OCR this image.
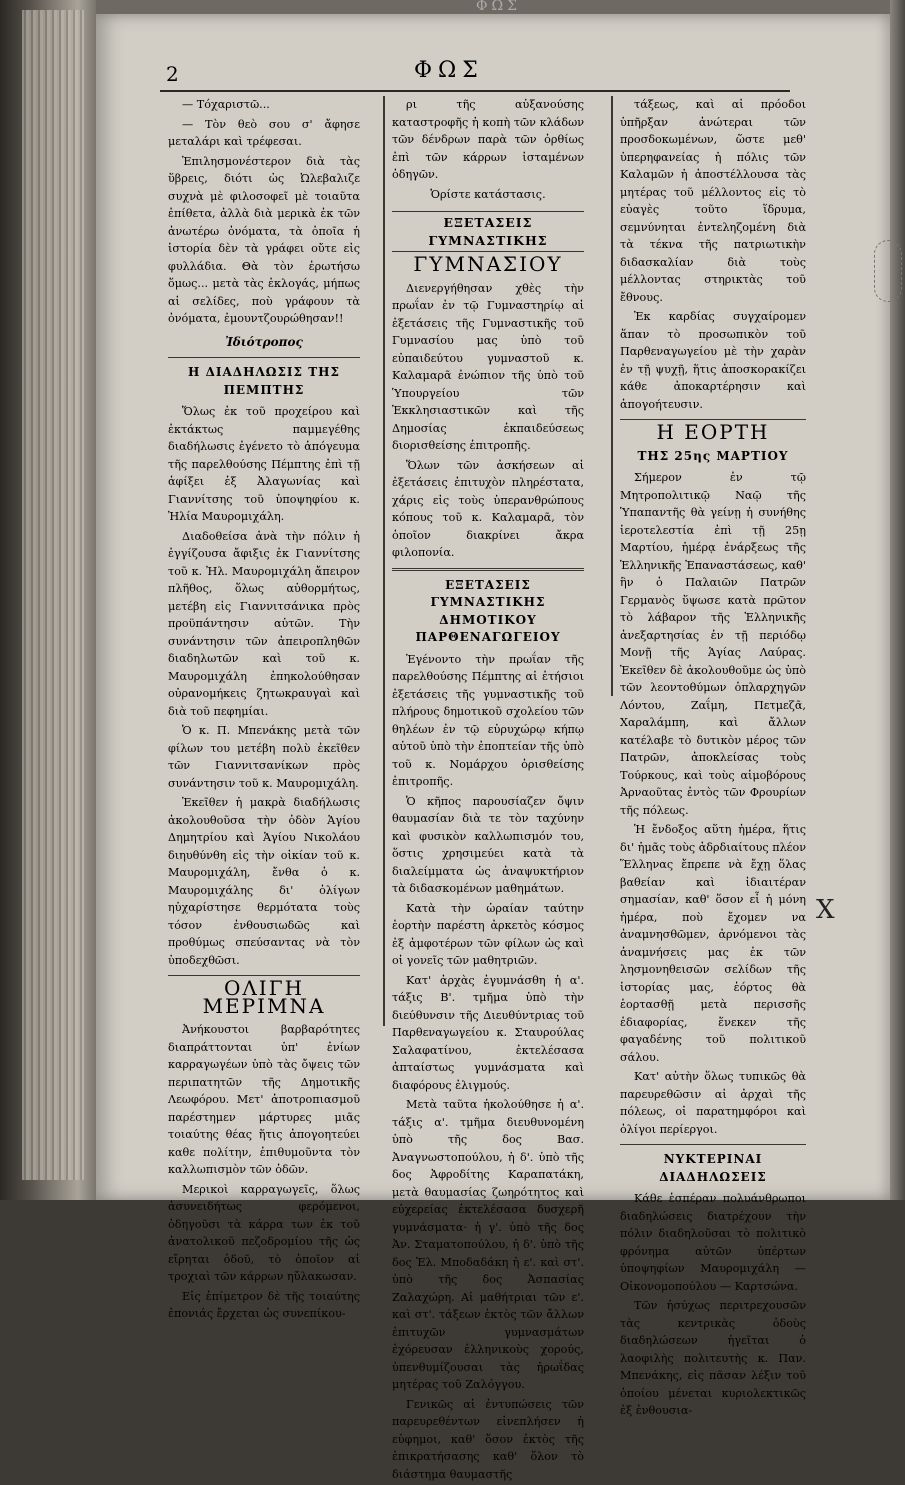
ΦΩΣ
2	ΦΩΣ

— Τόχαριστῶ...

— Τὸν θεὸ σου σ' ἄφησε μεταλάρι καὶ τρέφεσαι.

Ἐπιλησμονέστερον διὰ τὰς ὕβρεις, διότι ὡς Ὠλεβαλιζε συχνὰ μὲ φιλοσοφεῖ μὲ τοιαῦτα ἐπίθετα, ἀλλὰ διὰ μερικὰ ἐκ τῶν ἀνωτέρω ὀνόματα, τὰ ὁποῖα ἡ ἱστορία δὲν τὰ γράφει οὔτε εἰς φυλλάδια. Θὰ τὸν ἐρωτήσω ὅμως... μετὰ τὰς ἐκλογάς, μήπως αἱ σελίδες, ποὺ γράφουν τὰ ὀνόματα, ἐμουντζουρώθησαν!!

Ἰδιότροπος
Η ΔΙΑΔΗΛΩΣΙΣ ΤΗΣ ΠΕΜΠΤΗΣ

Ὅλως ἐκ τοῦ προχείρου καὶ ἐκτάκτως παμμεγέθης διαδήλωσις ἐγένετο τὸ ἀπόγευμα τῆς παρελθούσης Πέμπτης ἐπὶ τῇ ἀφίξει ἐξ Ἀλαγωνίας καὶ Γιαννίτσης τοῦ ὑποψηφίου κ. Ἠλία Μαυρομιχάλη.

Διαδοθείσα ἀνὰ τὴν πόλιν ἡ ἐγγίζουσα ἄφιξις ἐκ Γιαννίτσης τοῦ κ. Ἠλ. Μαυρομιχάλη ἄπειρον πλῆθος, ὅλως αὐθορμήτως, μετέβη εἰς Γιαννιτσάνικα πρὸς προϋπάντησιν αὐτῶν. Τὴν συνάντησιν τῶν ἀπειροπληθῶν διαδηλωτῶν καὶ τοῦ κ. Μαυρομιχάλη ἐπηκολούθησαν οὐρανομήκεις ζητωκραυγαὶ καὶ διὰ τοῦ πεφημίαι.

Ὁ κ. Π. Μπενάκης μετὰ τῶν φίλων του μετέβη πολὺ ἐκεῖθεν τῶν Γιαννιτσανίκων πρὸς συνάντησιν τοῦ κ. Μαυρομιχάλη.

Ἐκεῖθεν ἡ μακρὰ διαδήλωσις ἀκολουθοῦσα τὴν ὁδὸν Ἁγίου Δημητρίου καὶ Ἁγίου Νικολάου διηυθύνθη εἰς τὴν οἰκίαν τοῦ κ. Μαυρομιχάλη, ἔνθα ὁ κ. Μαυρομιχάλης δι' ὀλίγων ηὐχαρίστησε θερμότατα τοὺς τόσον ἐνθουσιωδῶς καὶ προθύμως σπεύσαντας νὰ τὸν ὑποδεχθῶσι.

ΟΛΙΓΗ ΜΕΡΙΜΝΑ

Ἀνήκουστοι βαρβαρότητες διαπράττονται ὑπ' ἐνίων καρραγωγέων ὑπὸ τὰς ὄψεις τῶν περιπατητῶν τῆς Δημοτικῆς Λεωφόρου. Μετ' ἀποτροπιασμοῦ παρέστημεν μάρτυρες μιᾶς τοιαύτης θέας ἥτις ἀπογοητεύει καθε πολίτην, ἐπιθυμοῦντα τὸν καλλωπισμὸν τῶν ὁδῶν.

Μερικοὶ καρραγωγεῖς, ὅλως ἀσυνειδήτως φερόμενοι, ὁδηγοῦσι τὰ κάρρα των ἐκ τοῦ ἀνατολικοῦ πεζοδρομίου τῆς ὡς εἴρηται ὁδοῦ, τὸ ὁποῖον αἱ τροχιαὶ τῶν κάρρων ηὔλακωσαν.

Εἰς ἐπίμετρον δὲ τῆς τοιαύτης ἐπονιάς ἔρχεται ὡς συνεπίκου-

ρι τῆς αὐξανούσης καταστροφῆς ἡ κοπὴ τῶν κλάδων τῶν δένδρων παρὰ τῶν ὀρθίως ἐπὶ τῶν κάρρων ἱσταμένων ὁδηγῶν.

Ὁρίστε κατάστασις.

ΕΞΕΤΑΣΕΙΣ ΓΥΜΝΑΣΤΙΚΗΣ
ΓΥΜΝΑΣΙΟΥ

Διενεργήθησαν χθὲς τὴν πρωΐαν ἐν τῷ Γυμναστηρίῳ αἱ ἐξετάσεις τῆς Γυμναστικῆς τοῦ Γυμνασίου μας ὑπὸ τοῦ εὐπαιδεύτου γυμναστοῦ κ. Καλαμαρᾶ ἐνώπιον τῆς ὑπὸ τοῦ Ὑπουργείου τῶν Ἐκκλησιαστικῶν καὶ τῆς Δημοσίας ἐκπαιδεύσεως διορισθείσης ἐπιτροπῆς.

Ὅλων τῶν ἀσκήσεων αἱ ἐξετάσεις ἐπιτυχὸν πληρέστατα, χάρις εἰς τοὺς ὑπερανθρώπους κόπους τοῦ κ. Καλαμαρᾶ, τὸν ὁποῖον διακρίνει ἄκρα φιλοπονία.

ΕΞΕΤΑΣΕΙΣ ΓΥΜΝΑΣΤΙΚΗΣ ΔΗΜΟΤΙΚΟΥ ΠΑΡΘΕΝΑΓΩΓΕΙΟΥ

Ἐγένοντο τὴν πρωΐαν τῆς παρελθούσης Πέμπτης αἱ ἐτήσιοι ἐξετάσεις τῆς γυμναστικῆς τοῦ πλήρους δημοτικοῦ σχολείου τῶν θηλέων ἐν τῷ εὐρυχώρῳ κήπῳ αὐτοῦ ὑπὸ τὴν ἐποπτείαν τῆς ὑπὸ τοῦ κ. Νομάρχου ὁρισθείσης ἐπιτροπῆς.

Ὁ κῆπος παρουσίαζεν ὄψιν θαυμασίαν διὰ τε τὸν ταχύνην καὶ φυσικὸν καλλωπισμόν του, ὅστις χρησιμεύει κατὰ τὰ διαλείμματα ὡς ἀναψυκτήριον τὰ διδασκομένων μαθημάτων.

Κατὰ τὴν ὡραίαν ταύτην ἑορτὴν παρέστη ἀρκετὸς κόσμος ἐξ ἀμφοτέρων τῶν φίλων ὡς καὶ οἱ γονεῖς τῶν μαθητριῶν.

Κατ' ἀρχὰς ἐγυμνάσθη ἡ α'. τάξις Β'. τμῆμα ὑπὸ τὴν διεύθυνσιν τῆς Διευθύντριας τοῦ Παρθεναγωγείου κ. Σταυρούλας Σαλαφατίνου, ἐκτελέσασα ἀπταίστως γυμνάσματα καὶ διαφόρους ἐλιγμούς.

Μετὰ ταῦτα ἠκολούθησε ἡ α'. τάξις α'. τμῆμα διευθυνομένη ὑπὸ τῆς δος Βασ. Ἀναγνωστοπούλου, ἡ δ'. ὑπὸ τῆς δος Ἀφροδίτης Καραπατάκη, μετὰ θαυμασίας ζωηρότητος καὶ εὐχερείας ἐκτελέσασα δυσχερῆ γυμνάσματα· ἡ γ'. ὑπὸ τῆς δος Ἀν. Σταματοπούλου, ἡ δ'. ὑπὸ τῆς δος Ἐλ. Μποδαδάκη ἡ ε'. καὶ στ'. ὑπὸ τῆς δος Ἀσπασίας Ζαλαχώρη. Αἱ μαθήτριαι τῶν ε'. καὶ στ'. τάξεων ἐκτὸς τῶν ἄλλων ἐπιτυχῶν γυμνασμάτων ἐχόρευσαν ἑλληνικοὺς χορούς, ὑπενθυμίζουσαι τὰς ἡρωΐδας μητέρας τοῦ Ζαλόγγου.

Γενικῶς αἱ ἐντυπώσεις τῶν παρευρεθέντων εἰνεπλήσεν ἡ εὐφημοι, καθ' ὅσον ἐκτὸς τῆς ἐπικρατήσασης καθ' ὅλον τὸ διάστημα θαυμαστῆς

τάξεως, καὶ αἱ πρόοδοι ὑπῆρξαν ἀνώτεραι τῶν προσδοκωμένων, ὥστε μεθ' ὑπερηφανείας ἡ πόλις τῶν Καλαμῶν ἡ ἀποστέλλουσα τὰς μητέρας τοῦ μέλλοντος εἰς τὸ εὐαγὲς τοῦτο ἵδρυμα, σεμνύνηται ἐντεληζομένη διὰ τὰ τέκνα τῆς πατριωτικὴν διδασκαλίαν διὰ τοὺς μέλλοντας στηρικτὰς τοῦ ἔθνους.

Ἐκ καρδίας συγχαίρομεν ἅπαν τὸ προσωπικὸν τοῦ Παρθεναγωγείου μὲ τὴν χαρὰν ἐν τῇ ψυχῇ, ἥτις ἀποσκορακίζει κάθε ἀποκαρτέρησιν καὶ ἀπογοήτευσιν.

Η ΕΟΡΤΗ
ΤΗΣ 25ης ΜΑΡΤΙΟΥ

Σήμερον ἐν τῷ Μητροπολιτικῷ Ναῷ τῆς Ὑπαπαντῆς θὰ γείνῃ ἡ συνήθης ἱεροτελεστία ἐπὶ τῇ 25ῃ Μαρτίου, ἡμέρᾳ ἐνάρξεως τῆς Ἑλληνικῆς Ἐπαναστάσεως, καθ' ἣν ὁ Παλαιῶν Πατρῶν Γερμανὸς ὕψωσε κατὰ πρῶτον τὸ λάβαρον τῆς Ἑλληνικῆς ἀνεξαρτησίας ἐν τῇ περιόδῳ Μονῇ τῆς Ἁγίας Λαύρας. Ἐκεῖθεν δὲ ἀκολουθοῦμε ὡς ὑπὸ τῶν λεοντοθύμων ὁπλαρχηγῶν Λόντου, Ζαΐμη, Πετμεζᾶ, Χαραλάμπη, καὶ ἄλλων κατέλαβε τὸ δυτικὸν μέρος τῶν Πατρῶν, ἀποκλείσας τοὺς Τούρκους, καὶ τοὺς αἱμοβόρους Ἀρναοῦτας ἐντὸς τῶν Φρουρίων τῆς πόλεως.

Ἡ ἔνδοξος αὕτη ἡμέρα, ἥτις δι' ἡμᾶς τοὺς ἀδρδιαίτους πλέον Ἕλληνας ἔπρεπε νὰ ἔχῃ ὅλας βαθείαν καὶ ἰδιαιτέραν σημασίαν, καθ' ὅσον εἶ ἡ μόνη ἡμέρα, ποὺ ἔχομεν να ἀναμνησθῶμεν, ἀρνόμενοι τὰς ἀναμνήσεις μας ἐκ τῶν λησμονηθεισῶν σελίδων τῆς ἱστορίας μας, ἑόρτος θὰ ἑορτασθῇ μετὰ περισσῆς ἐδιαφορίας, ἕνεκεν τῆς φαγαδένης τοῦ πολιτικοῦ σάλου.

Κατ' αὐτὴν ὅλως τυπικῶς θὰ παρευρεθῶσιν αἱ ἀρχαὶ τῆς πόλεως, οἱ παρατημφόροι καὶ ὀλίγοι περίεργοι.

ΝΥΚΤΕΡΙΝΑΙ ΔΙΑΔΗΛΩΣΕΙΣ

Κάθε ἑσπέραν πολυάνθρωποι διαδηλώσεις διατρέχουν τὴν πόλιν διαδηλοῦσαι τὸ πολιτικὸ φρόνημα αὐτῶν ὑπέρτων ὑποψηφίων Μαυρομιχάλη — Οἰκονομοπούλου — Καρτσώνα.

Τῶν ἡσύχως περιτρεχουσῶν τὰς κεντρικὰς ὁδοὺς διαδηλώσεων ἡγεῖται ὁ λαοφιλὴς πολιτευτὴς κ. Παν. Μπενάκης, εἰς πᾶσαν λέξιν τοῦ ὁποίου μένεται κυριολεκτικῶς ἐξ ἐνθουσια-

X
